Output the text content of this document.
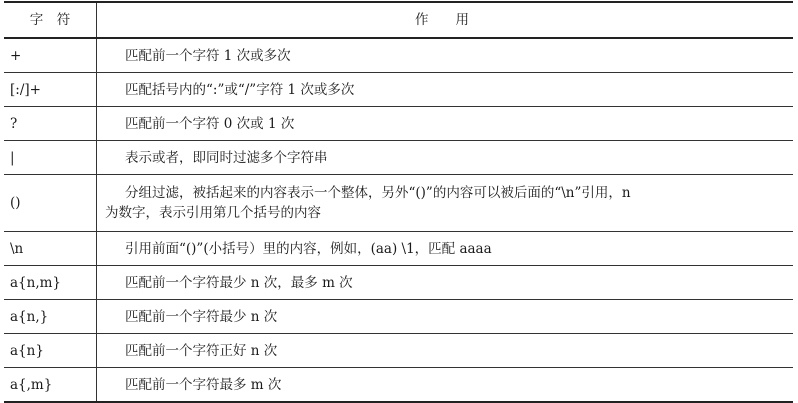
字　符	作　　用
+	匹配前一个字符 1 次或多次
[:/]+	匹配括号内的“:”或“/”字符 1 次或多次
?	匹配前一个字符 0 次或 1 次
|	表示或者，即同时过滤多个字符串
()	分组过滤，被括起来的内容表示一个整体，另外“()”的内容可以被后面的“\n”引用，n
为数字，表示引用第几个括号的内容

\n	引用前面“()”(小括号）里的内容，例如，(aa) \1，匹配 aaaa
a{n,m}	匹配前一个字符最少 n 次，最多 m 次
a{n,}	匹配前一个字符最少 n 次
a{n}	匹配前一个字符正好 n 次
a{,m}	匹配前一个字符最多 m 次
